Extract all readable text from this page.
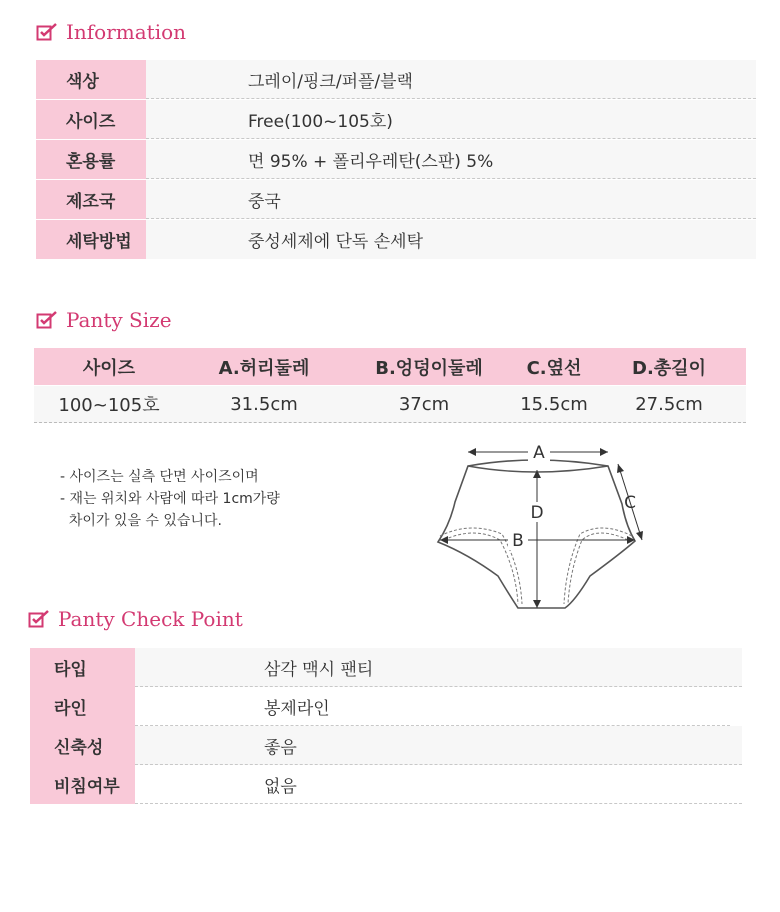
Information
색상	그레이/핑크/퍼플/블랙
사이즈	Free(100~105호)
혼용률	면 95% + 폴리우레탄(스판) 5%
제조국	중국
세탁방법	중성세제에 단독 손세탁
Panty Size
사이즈	A.허리둘레	B.엉덩이둘레	C.옆선	D.총길이
100~105호	31.5cm	37cm	15.5cm	27.5cm
- 사이즈는 실측 단면 사이즈이며
- 재는 위치와 사람에 따라 1cm가량
차이가 있을 수 있습니다.
A
B
C
D
Panty Check Point
타입	삼각 맥시 팬티
라인	봉제라인
신축성	좋음
비침여부	없음
